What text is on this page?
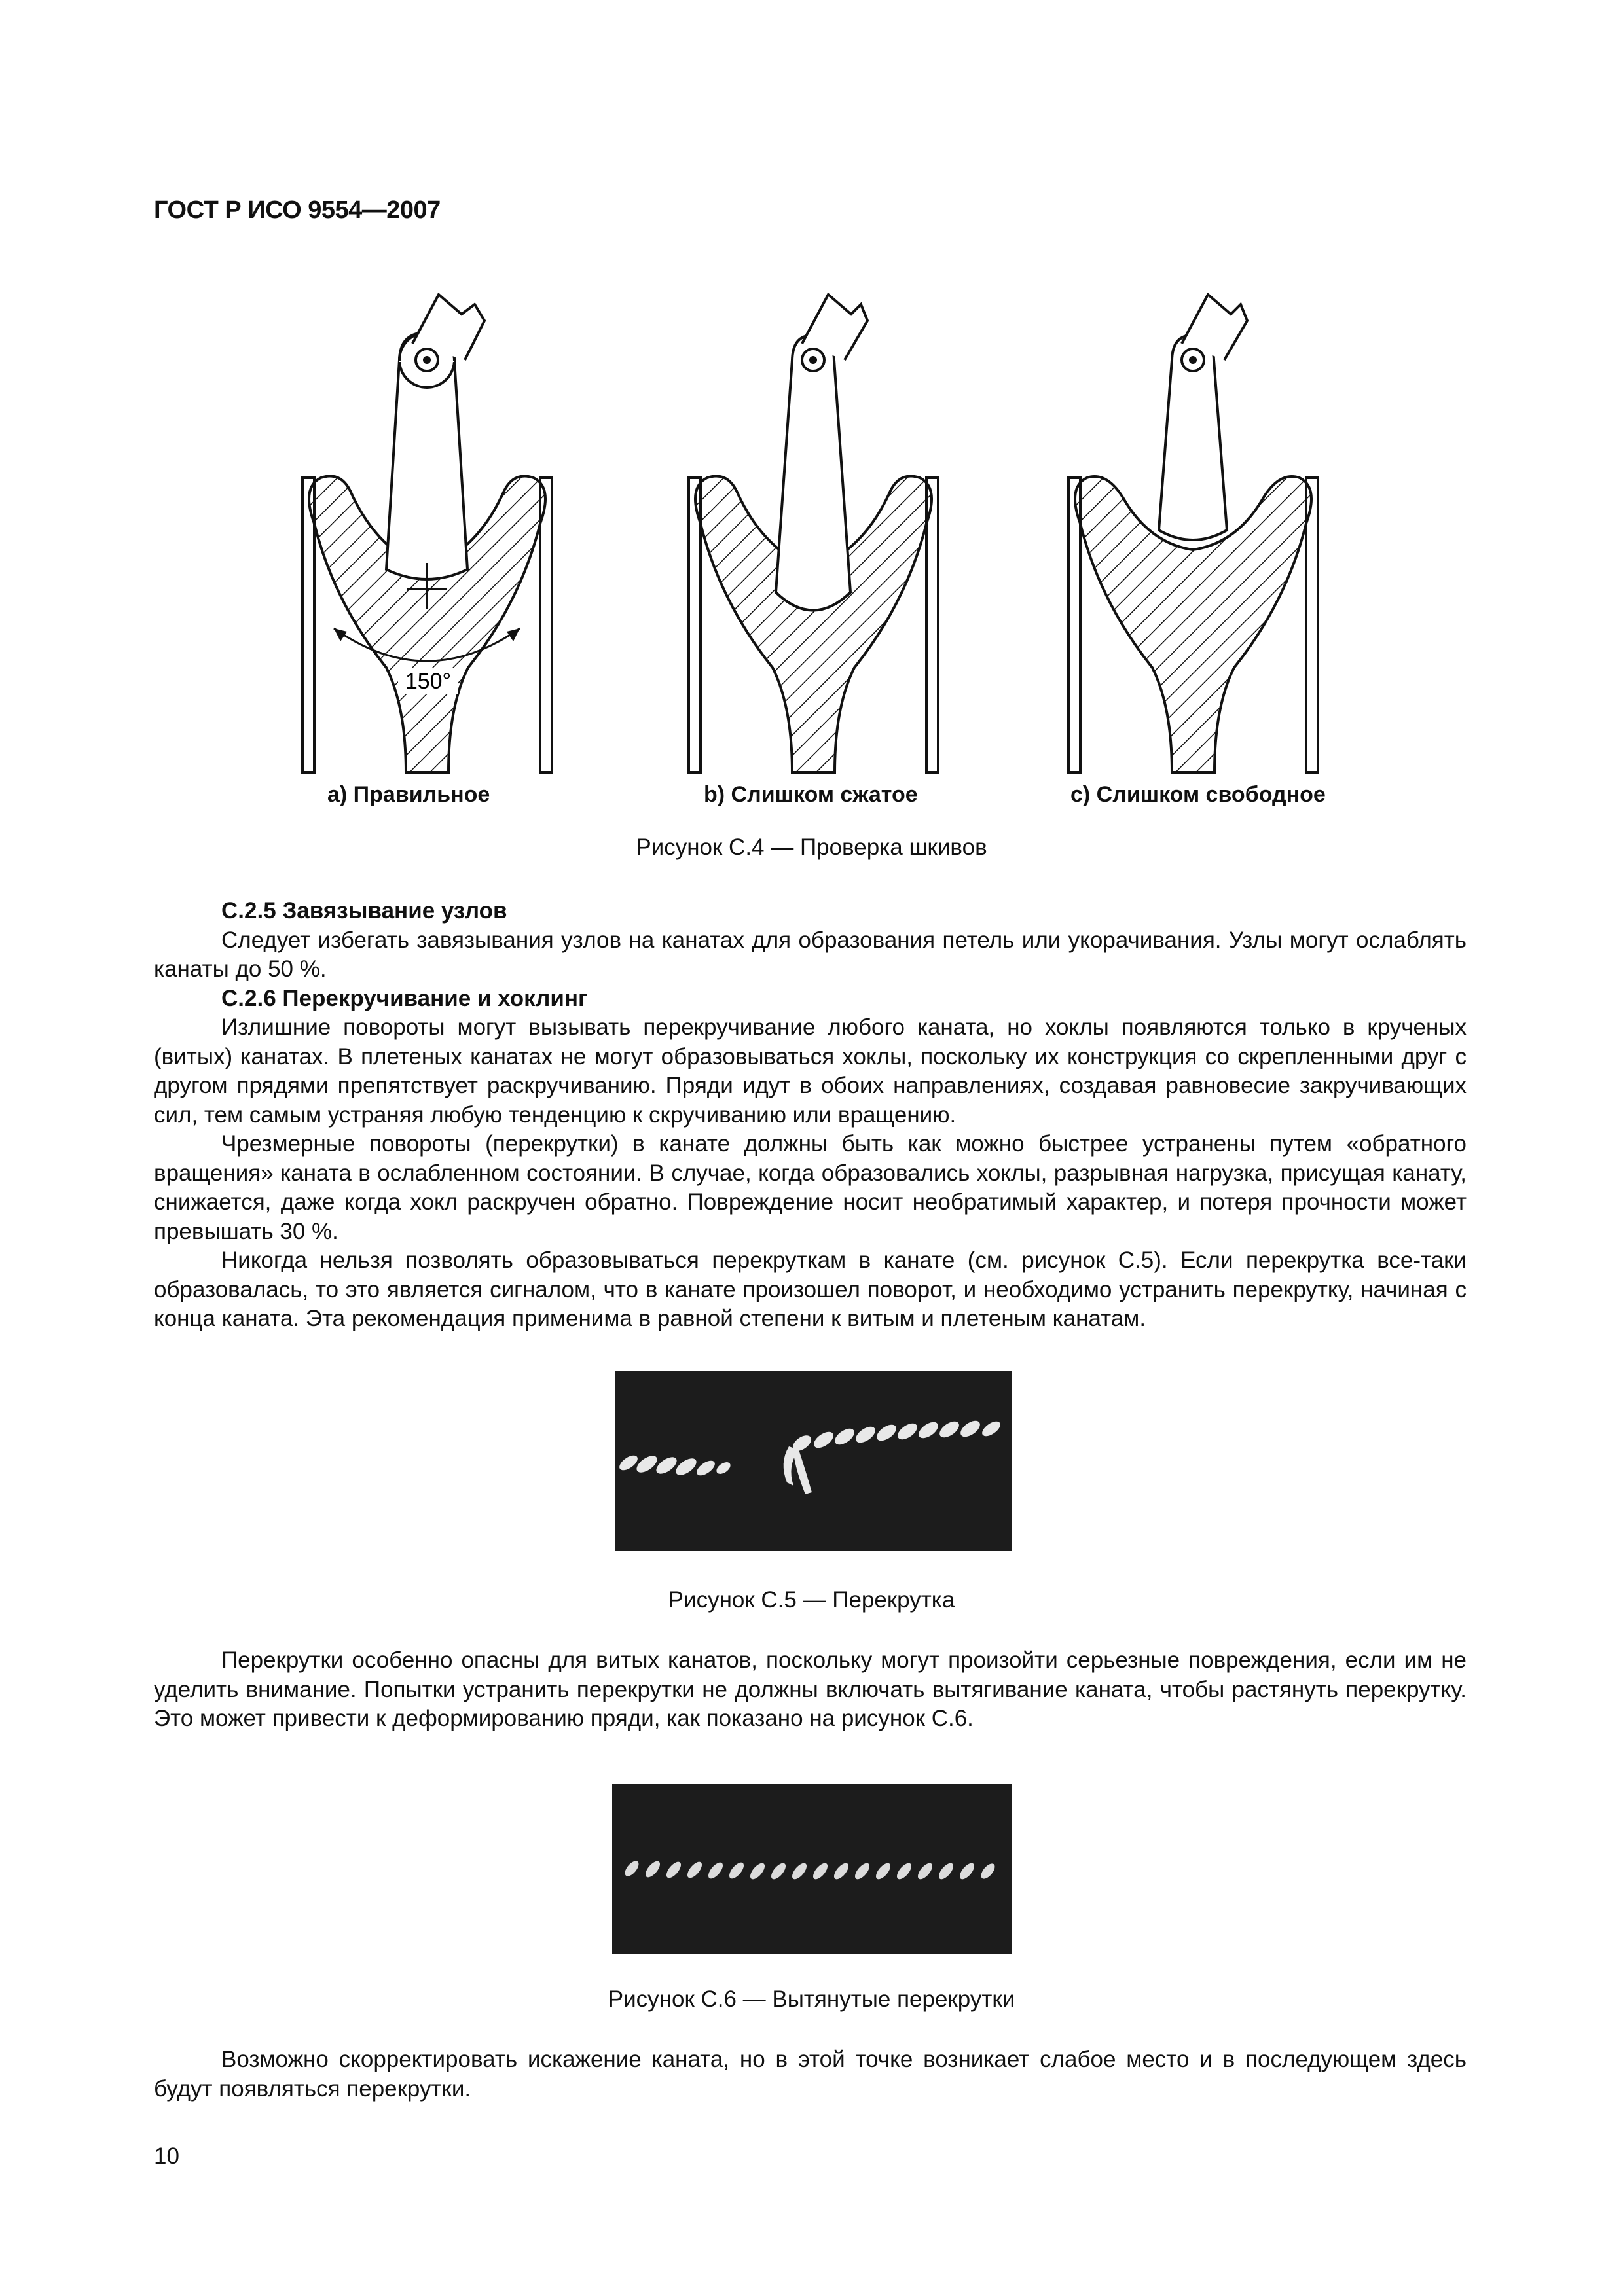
ГОСТ Р ИСО 9554—2007
150°
a) Правильное	b) Слишком сжатое	c) Слишком свободное
Рисунок С.4 — Проверка шкивов

С.2.5 Завязывание узлов

Следует избегать завязывания узлов на канатах для образования петель или укорачивания. Узлы могут ослаблять канаты до 50 %.

С.2.6 Перекручивание и хоклинг

Излишние повороты могут вызывать перекручивание любого каната, но хоклы появляются только в крученых (витых) канатах. В плетеных канатах не могут образовываться хоклы, поскольку их конструкция со скрепленными друг с другом прядями препятствует раскручиванию. Пряди идут в обоих направлениях, создавая равновесие закручивающих сил, тем самым устраняя любую тенденцию к скручиванию или вращению.

Чрезмерные повороты (перекрутки) в канате должны быть как можно быстрее устранены путем «обратного вращения» каната в ослабленном состоянии. В случае, когда образовались хоклы, разрывная нагрузка, присущая канату, снижается, даже когда хокл раскручен обратно. Повреждение носит необратимый характер, и потеря прочности может превышать 30 %.

Никогда нельзя позволять образовываться перекруткам в канате (см. рисунок С.5). Если перекрутка все-таки образовалась, то это является сигналом, что в канате произошел поворот, и необходимо устранить перекрутку, начиная с конца каната. Эта рекомендация применима в равной степени к витым и плетеным канатам.

Рисунок С.5 — Перекрутка

Перекрутки особенно опасны для витых канатов, поскольку могут произойти серьезные повреждения, если им не уделить внимание. Попытки устранить перекрутки не должны включать вытягивание каната, чтобы растянуть перекрутку. Это может привести к деформированию пряди, как показано на рисунок С.6.

Рисунок С.6 — Вытянутые перекрутки

Возможно скорректировать искажение каната, но в этой точке возникает слабое место и в последующем здесь будут появляться перекрутки.

10
